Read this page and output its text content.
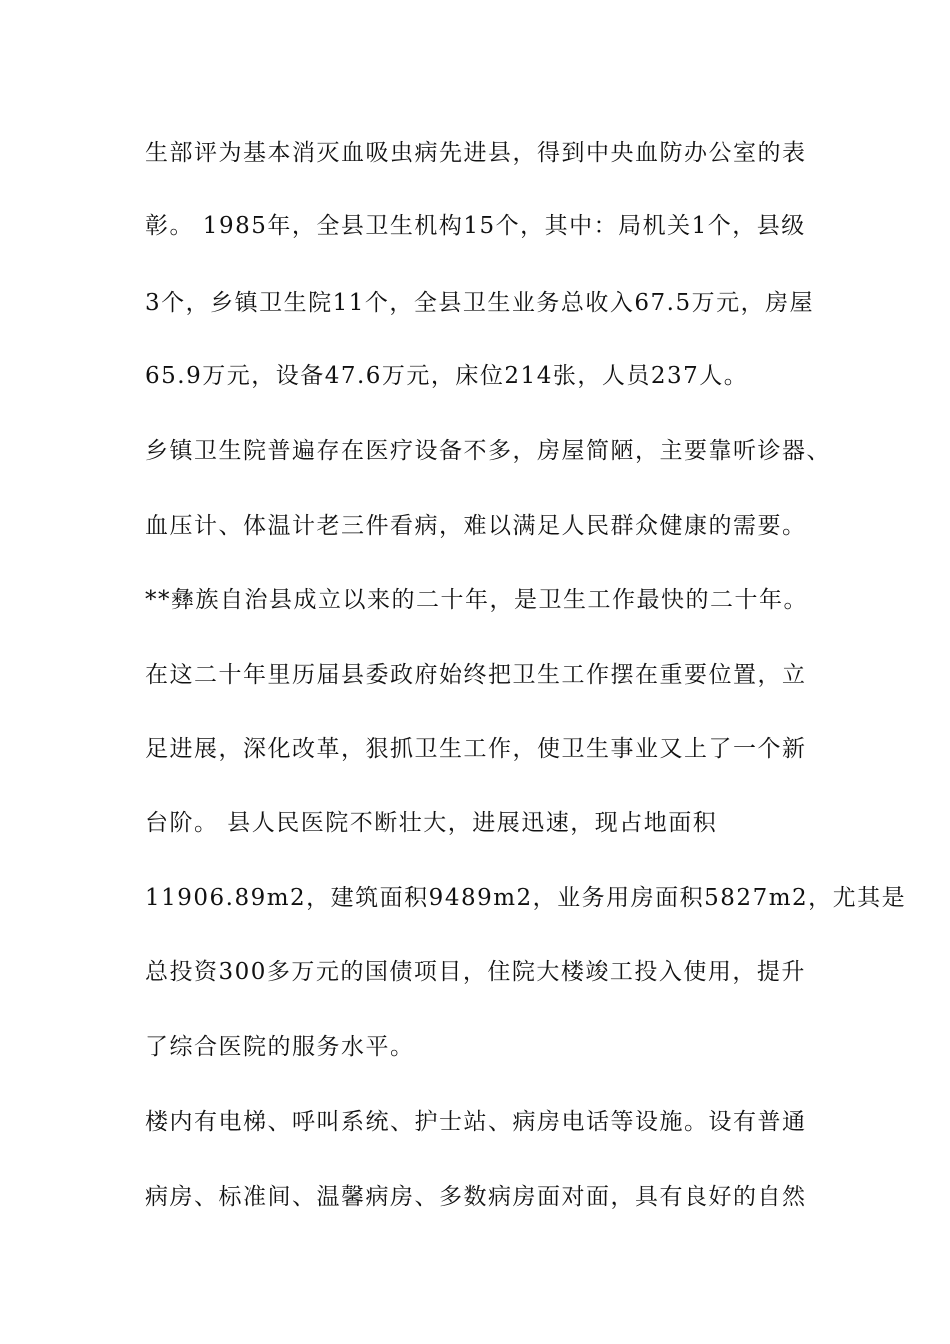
生部评为基本消灭血吸虫病先进县，得到中央血防办公室的表
彰。 1985年，全县卫生机构15个，其中：局机关1个，县级
3个，乡镇卫生院11个，全县卫生业务总收入67.5万元，房屋
65.9万元，设备47.6万元，床位214张，人员237人。
乡镇卫生院普遍存在医疗设备不多，房屋简陋，主要靠听诊器、
血压计、体温计老三件看病，难以满足人民群众健康的需要。
**彝族自治县成立以来的二十年，是卫生工作最快的二十年。
在这二十年里历届县委政府始终把卫生工作摆在重要位置，立
足进展，深化改革，狠抓卫生工作，使卫生事业又上了一个新
台阶。 县人民医院不断壮大，进展迅速，现占地面积
11906.89m2，建筑面积9489m2，业务用房面积5827m2，尤其是
总投资300多万元的国债项目，住院大楼竣工投入使用，提升
了综合医院的服务水平。
楼内有电梯、呼叫系统、护士站、病房电话等设施。设有普通
病房、标准间、温馨病房、多数病房面对面，具有良好的自然
